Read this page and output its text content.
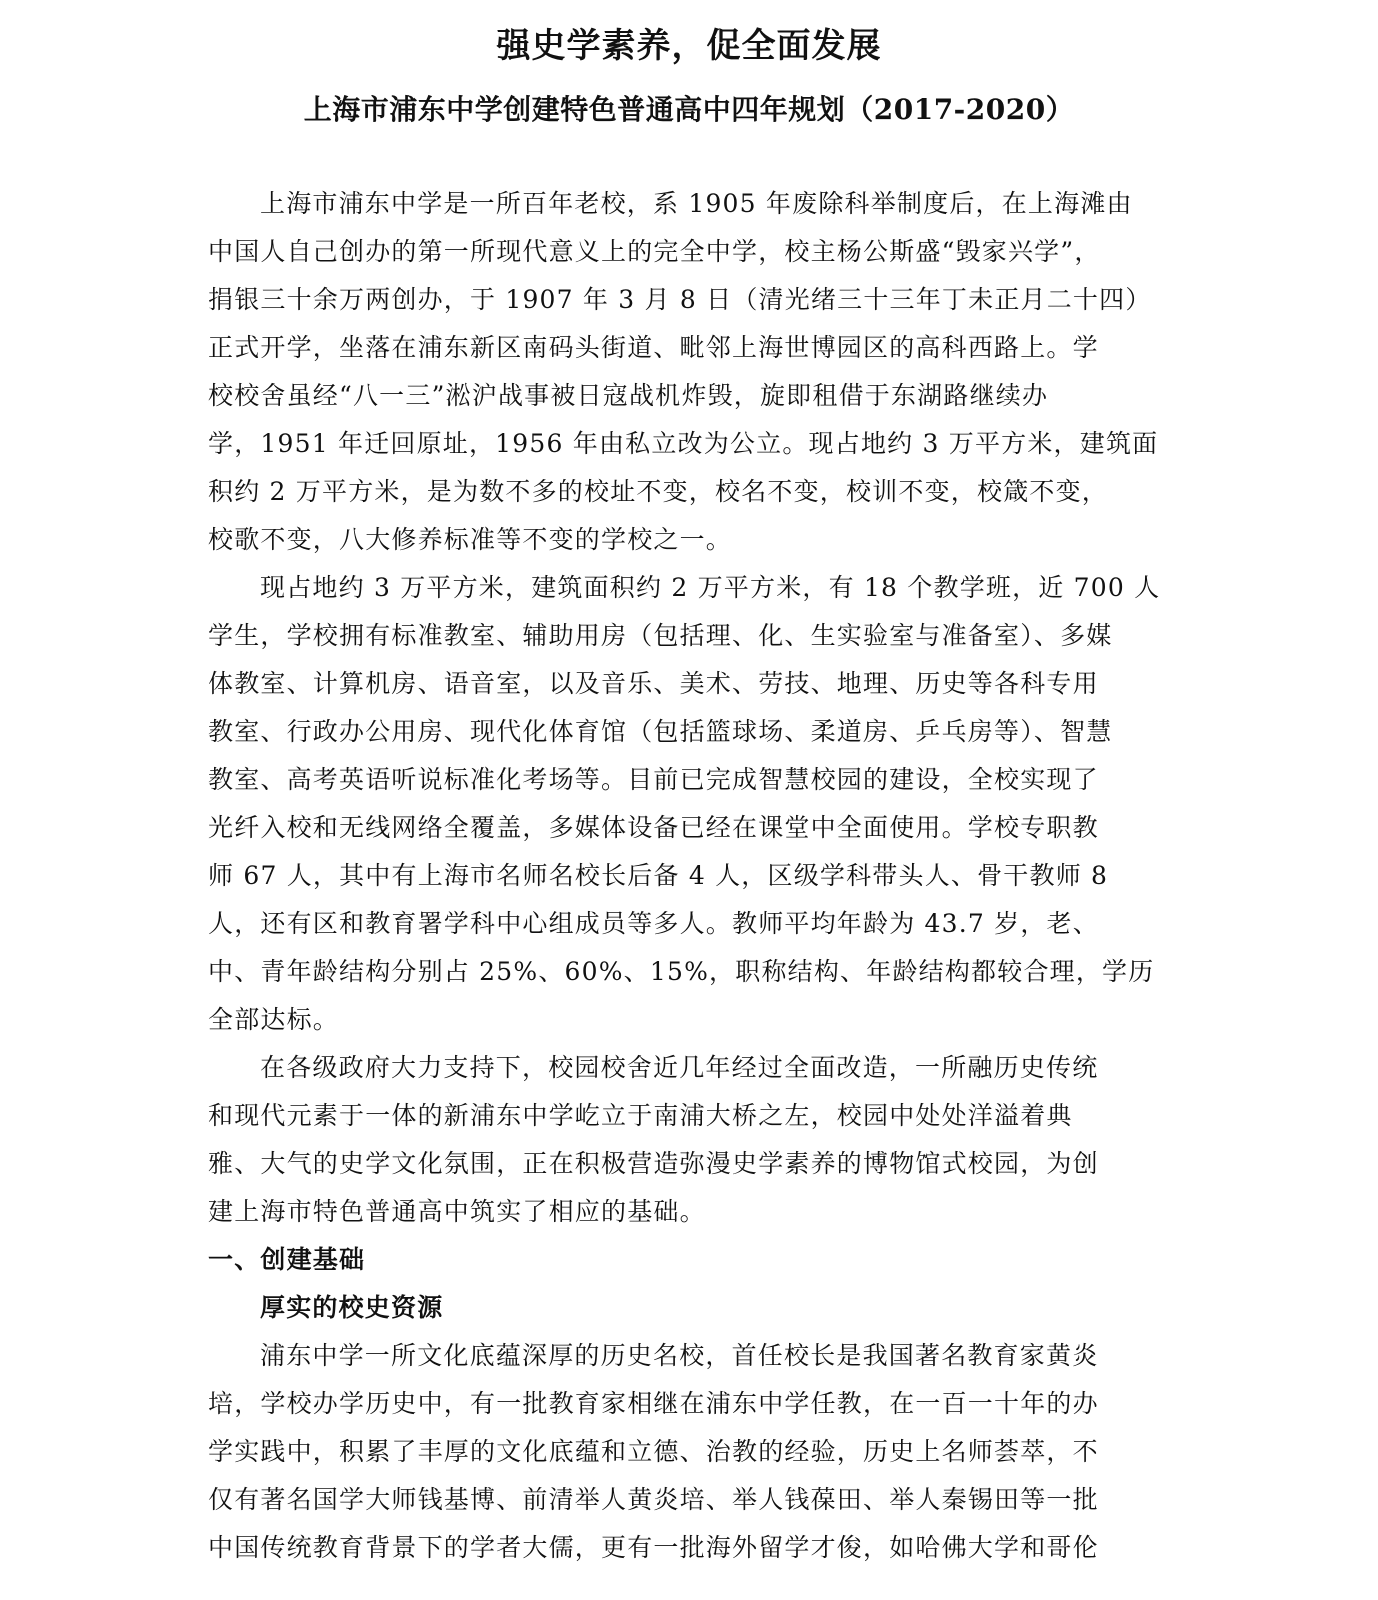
强史学素养，促全面发展
上海市浦东中学创建特色普通高中四年规划（2017-2020）

上海市浦东中学是一所百年老校，系 1905 年废除科举制度后，在上海滩由

中国人自己创办的第一所现代意义上的完全中学，校主杨公斯盛“毁家兴学”，

捐银三十余万两创办，于 1907 年 3 月 8 日（清光绪三十三年丁未正月二十四）

正式开学，坐落在浦东新区南码头街道、毗邻上海世博园区的高科西路上。学

校校舍虽经“八一三”淞沪战事被日寇战机炸毁，旋即租借于东湖路继续办

学，1951 年迁回原址，1956 年由私立改为公立。现占地约 3 万平方米，建筑面

积约 2 万平方米，是为数不多的校址不变，校名不变，校训不变，校箴不变，

校歌不变，八大修养标准等不变的学校之一。

现占地约 3 万平方米，建筑面积约 2 万平方米，有 18 个教学班，近 700 人

学生，学校拥有标准教室、辅助用房（包括理、化、生实验室与准备室）、多媒

体教室、计算机房、语音室，以及音乐、美术、劳技、地理、历史等各科专用

教室、行政办公用房、现代化体育馆（包括篮球场、柔道房、乒乓房等）、智慧

教室、高考英语听说标准化考场等。目前已完成智慧校园的建设，全校实现了

光纤入校和无线网络全覆盖，多媒体设备已经在课堂中全面使用。学校专职教

师 67 人，其中有上海市名师名校长后备 4 人，区级学科带头人、骨干教师 8

人，还有区和教育署学科中心组成员等多人。教师平均年龄为 43.7 岁，老、

中、青年龄结构分别占 25%、60%、15%，职称结构、年龄结构都较合理，学历

全部达标。

在各级政府大力支持下，校园校舍近几年经过全面改造，一所融历史传统

和现代元素于一体的新浦东中学屹立于南浦大桥之左，校园中处处洋溢着典

雅、大气的史学文化氛围，正在积极营造弥漫史学素养的博物馆式校园，为创

建上海市特色普通高中筑实了相应的基础。

一、创建基础

厚实的校史资源

浦东中学一所文化底蕴深厚的历史名校，首任校长是我国著名教育家黄炎

培，学校办学历史中，有一批教育家相继在浦东中学任教，在一百一十年的办

学实践中，积累了丰厚的文化底蕴和立德、治教的经验，历史上名师荟萃，不

仅有著名国学大师钱基博、前清举人黄炎培、举人钱葆田、举人秦锡田等一批

中国传统教育背景下的学者大儒，更有一批海外留学才俊，如哈佛大学和哥伦
